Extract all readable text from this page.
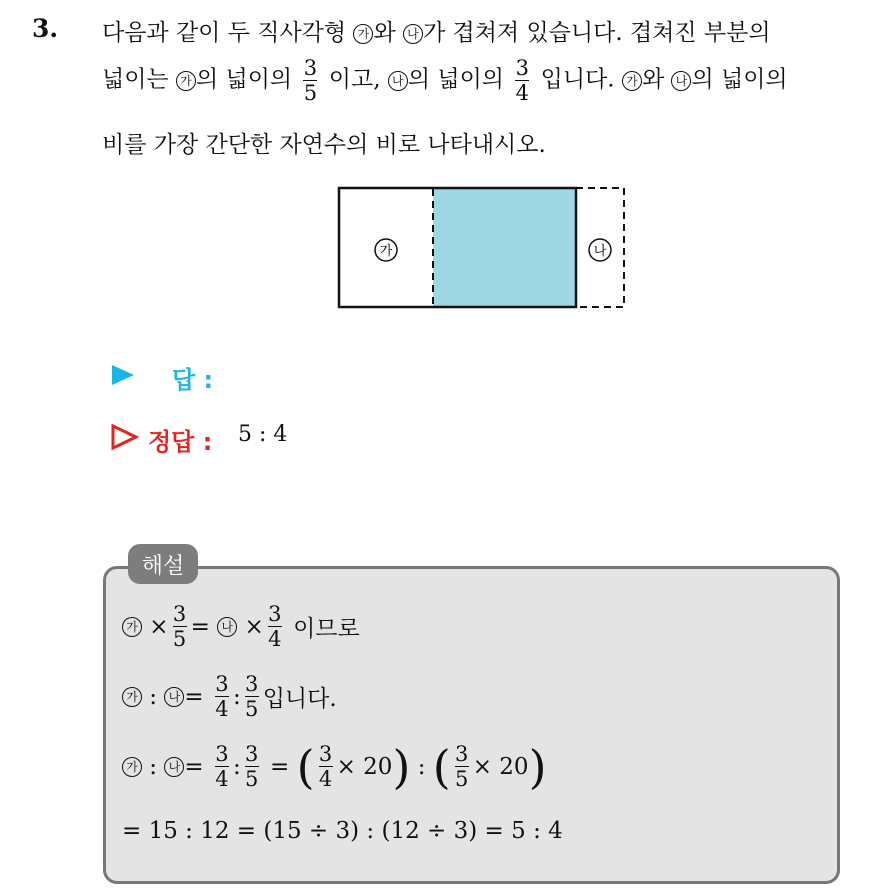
3. 다음과 같이 두 직사각형 가 와 나 가 겹쳐져 있습니다. 겹쳐진 부분의
넓이는 가 의 넓이의 $\frac{3}{5}$ 이고, 나 의 넓이의 $\frac{3}{4}$ 입니다. 가 와 나 의 넓이의
비를 가장 간단한 자연수의 비로 나타내시오.
가	나
답 :
정답 : 5 : 4
해설
가 × $\frac{3}{5}$ = 나 × $\frac{3}{4}$
이므로
가 : 나 = $\frac{3}{4}$ : $\frac{3}{5}$ 입니다.
가 : 나 = $\frac{3}{4}$ : $\frac{3}{5}$ = ( $\frac{3}{4} \times 20$ ) : ( $\frac{3}{5} \times 20$ )
= 15 : 12 = (15 ÷ 3) : (12 ÷ 3) = 5 : 4
